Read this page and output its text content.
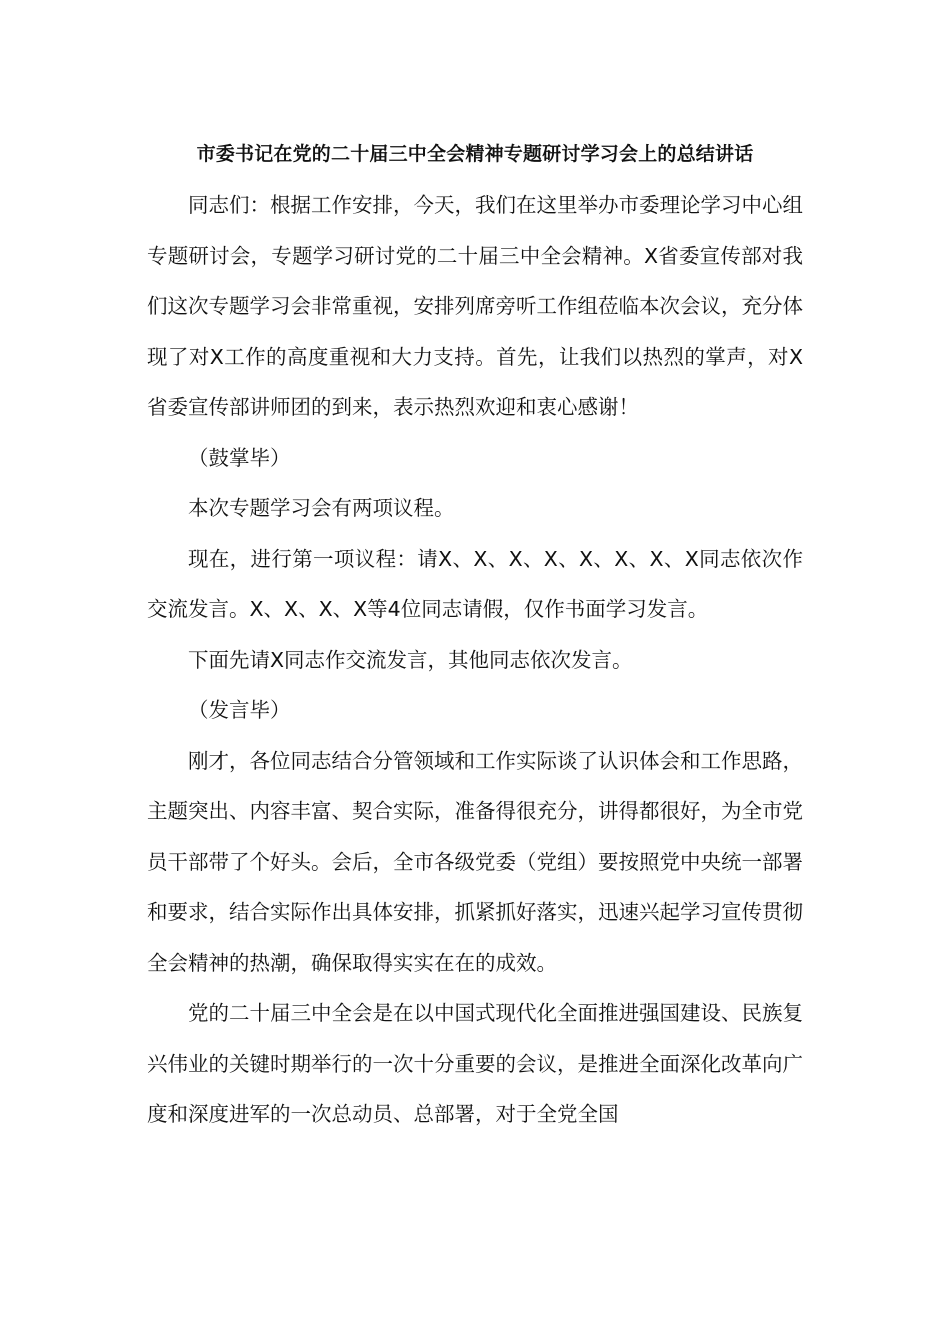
市委书记在党的二十届三中全会精神专题研讨学习会上的总结讲话

同志们：根据工作安排，今天，我们在这里举办市委理论学习中心组专题研讨会，专题学习研讨党的二十届三中全会精神。X省委宣传部对我们这次专题学习会非常重视，安排列席旁听工作组莅临本次会议，充分体现了对X工作的高度重视和大力支持。首先，让我们以热烈的掌声，对X省委宣传部讲师团的到来，表示热烈欢迎和衷心感谢！

（鼓掌毕）

本次专题学习会有两项议程。

现在，进行第一项议程：请X、X、X、X、X、X、X、X同志依次作交流发言。X、X、X、X等4位同志请假，仅作书面学习发言。

下面先请X同志作交流发言，其他同志依次发言。

（发言毕）

刚才，各位同志结合分管领域和工作实际谈了认识体会和工作思路，主题突出、内容丰富、契合实际，准备得很充分，讲得都很好，为全市党员干部带了个好头。会后，全市各级党委（党组）要按照党中央统一部署和要求，结合实际作出具体安排，抓紧抓好落实，迅速兴起学习宣传贯彻全会精神的热潮，确保取得实实在在的成效。

党的二十届三中全会是在以中国式现代化全面推进强国建设、民族复兴伟业的关键时期举行的一次十分重要的会议，是推进全面深化改革向广度和深度进军的一次总动员、总部署，对于全党全国
